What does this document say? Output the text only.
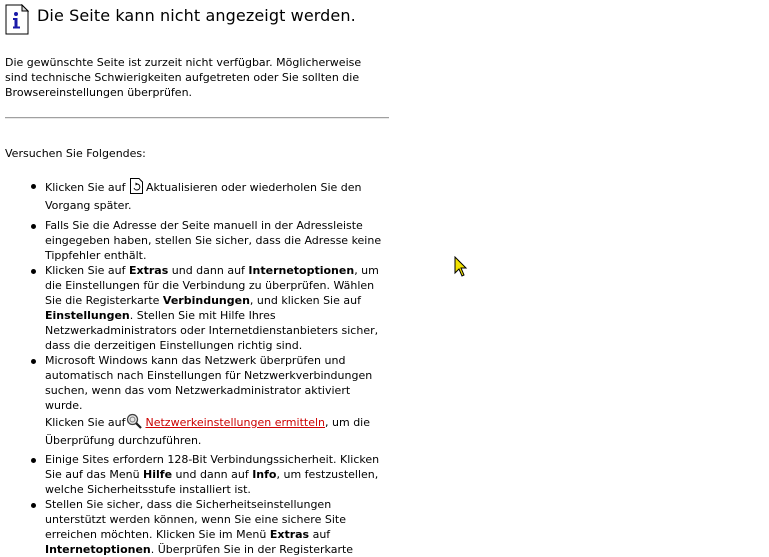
Die Seite kann nicht angezeigt werden.
Die gewünschte Seite ist zurzeit nicht verfügbar. Möglicherweise sind technische Schwierigkeiten aufgetreten oder Sie sollten die Browsereinstellungen überprüfen.
Versuchen Sie Folgendes:
Klicken Sie auf Aktualisieren oder wiederholen Sie den Vorgang später.
Falls Sie die Adresse der Seite manuell in der Adressleiste eingegeben haben, stellen Sie sicher, dass die Adresse keine Tippfehler enthält.
Klicken Sie auf Extras und dann auf Internetoptionen, um die Einstellungen für die Verbindung zu überprüfen. Wählen Sie die Registerkarte Verbindungen, und klicken Sie auf Einstellungen. Stellen Sie mit Hilfe Ihres Netzwerkadministrators oder Internetdienstanbieters sicher, dass die derzeitigen Einstellungen richtig sind.
Microsoft Windows kann das Netzwerk überprüfen und automatisch nach Einstellungen für Netzwerkverbindungen suchen, wenn das vom Netzwerkadministrator aktiviert wurde.
Klicken Sie auf Netzwerkeinstellungen ermitteln, um die Überprüfung durchzuführen.
Einige Sites erfordern 128-Bit Verbindungssicherheit. Klicken Sie auf das Menü Hilfe und dann auf Info, um festzustellen, welche Sicherheitsstufe installiert ist.
Stellen Sie sicher, dass die Sicherheitseinstellungen unterstützt werden können, wenn Sie eine sichere Site erreichen möchten. Klicken Sie im Menü Extras auf Internetoptionen. Überprüfen Sie in der Registerkarte
